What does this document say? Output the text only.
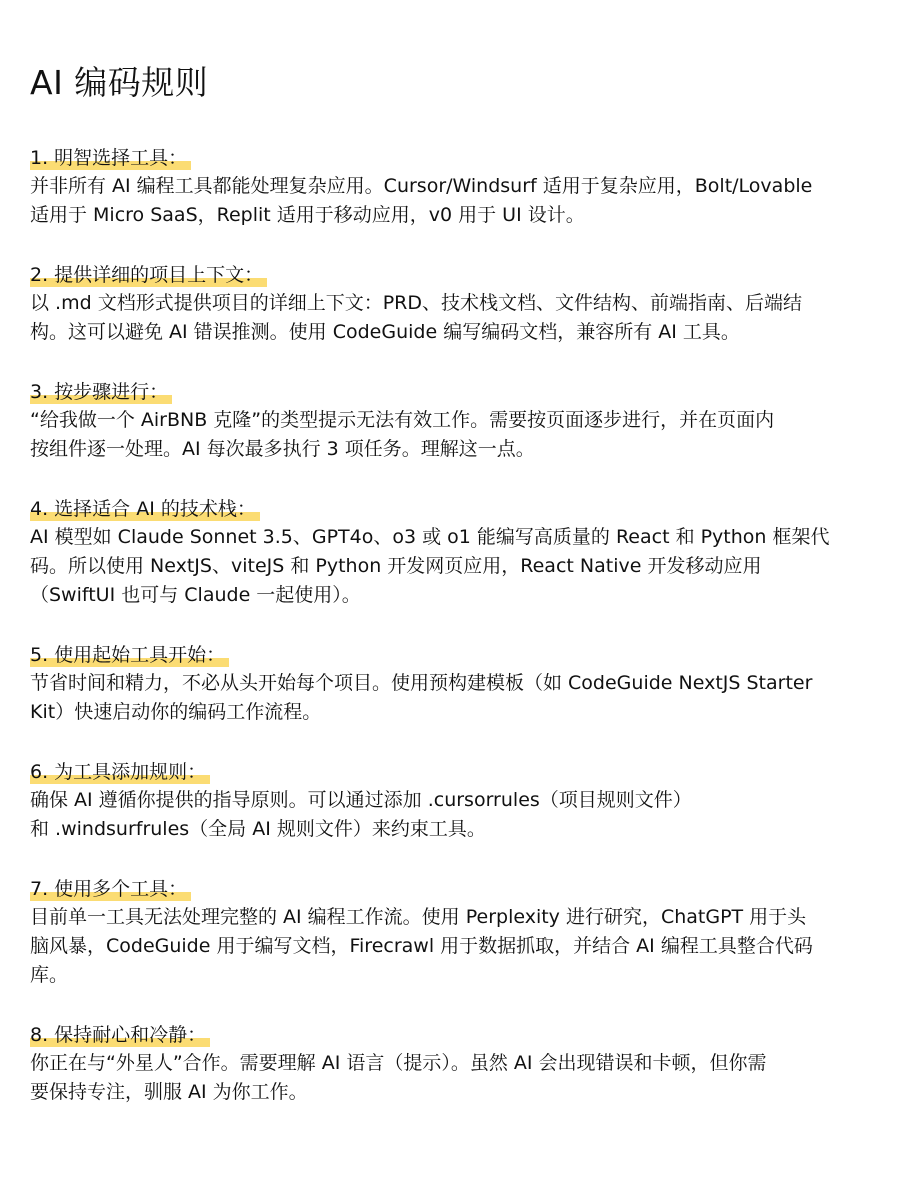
AI 编码规则
1. 明智选择工具：

并非所有 AI 编程工具都能处理复杂应用。Cursor/Windsurf 适用于复杂应用，Bolt/Lovable
适用于 Micro SaaS，Replit 适用于移动应用，v0 用于 UI 设计。

2. 提供详细的项目上下文：

以 .md 文档形式提供项目的详细上下文：PRD、技术栈文档、文件结构、前端指南、后端结
构。这可以避免 AI 错误推测。使用 CodeGuide 编写编码文档，兼容所有 AI 工具。

3. 按步骤进行：

“给我做一个 AirBNB 克隆”的类型提示无法有效工作。需要按页面逐步进行，并在页面内
按组件逐一处理。AI 每次最多执行 3 项任务。理解这一点。

4. 选择适合 AI 的技术栈：

AI 模型如 Claude Sonnet 3.5、GPT4o、o3 或 o1 能编写高质量的 React 和 Python 框架代
码。所以使用 NextJS、viteJS 和 Python 开发网页应用，React Native 开发移动应用
（SwiftUI 也可与 Claude 一起使用）。

5. 使用起始工具开始：

节省时间和精力，不必从头开始每个项目。使用预构建模板（如 CodeGuide NextJS Starter
Kit）快速启动你的编码工作流程。

6. 为工具添加规则：

确保 AI 遵循你提供的指导原则。可以通过添加 .cursorrules（项目规则文件）
和 .windsurfrules（全局 AI 规则文件）来约束工具。

7. 使用多个工具：

目前单一工具无法处理完整的 AI 编程工作流。使用 Perplexity 进行研究，ChatGPT 用于头
脑风暴，CodeGuide 用于编写文档，Firecrawl 用于数据抓取，并结合 AI 编程工具整合代码
库。

8. 保持耐心和冷静：

你正在与“外星人”合作。需要理解 AI 语言（提示）。虽然 AI 会出现错误和卡顿，但你需
要保持专注，驯服 AI 为你工作。
